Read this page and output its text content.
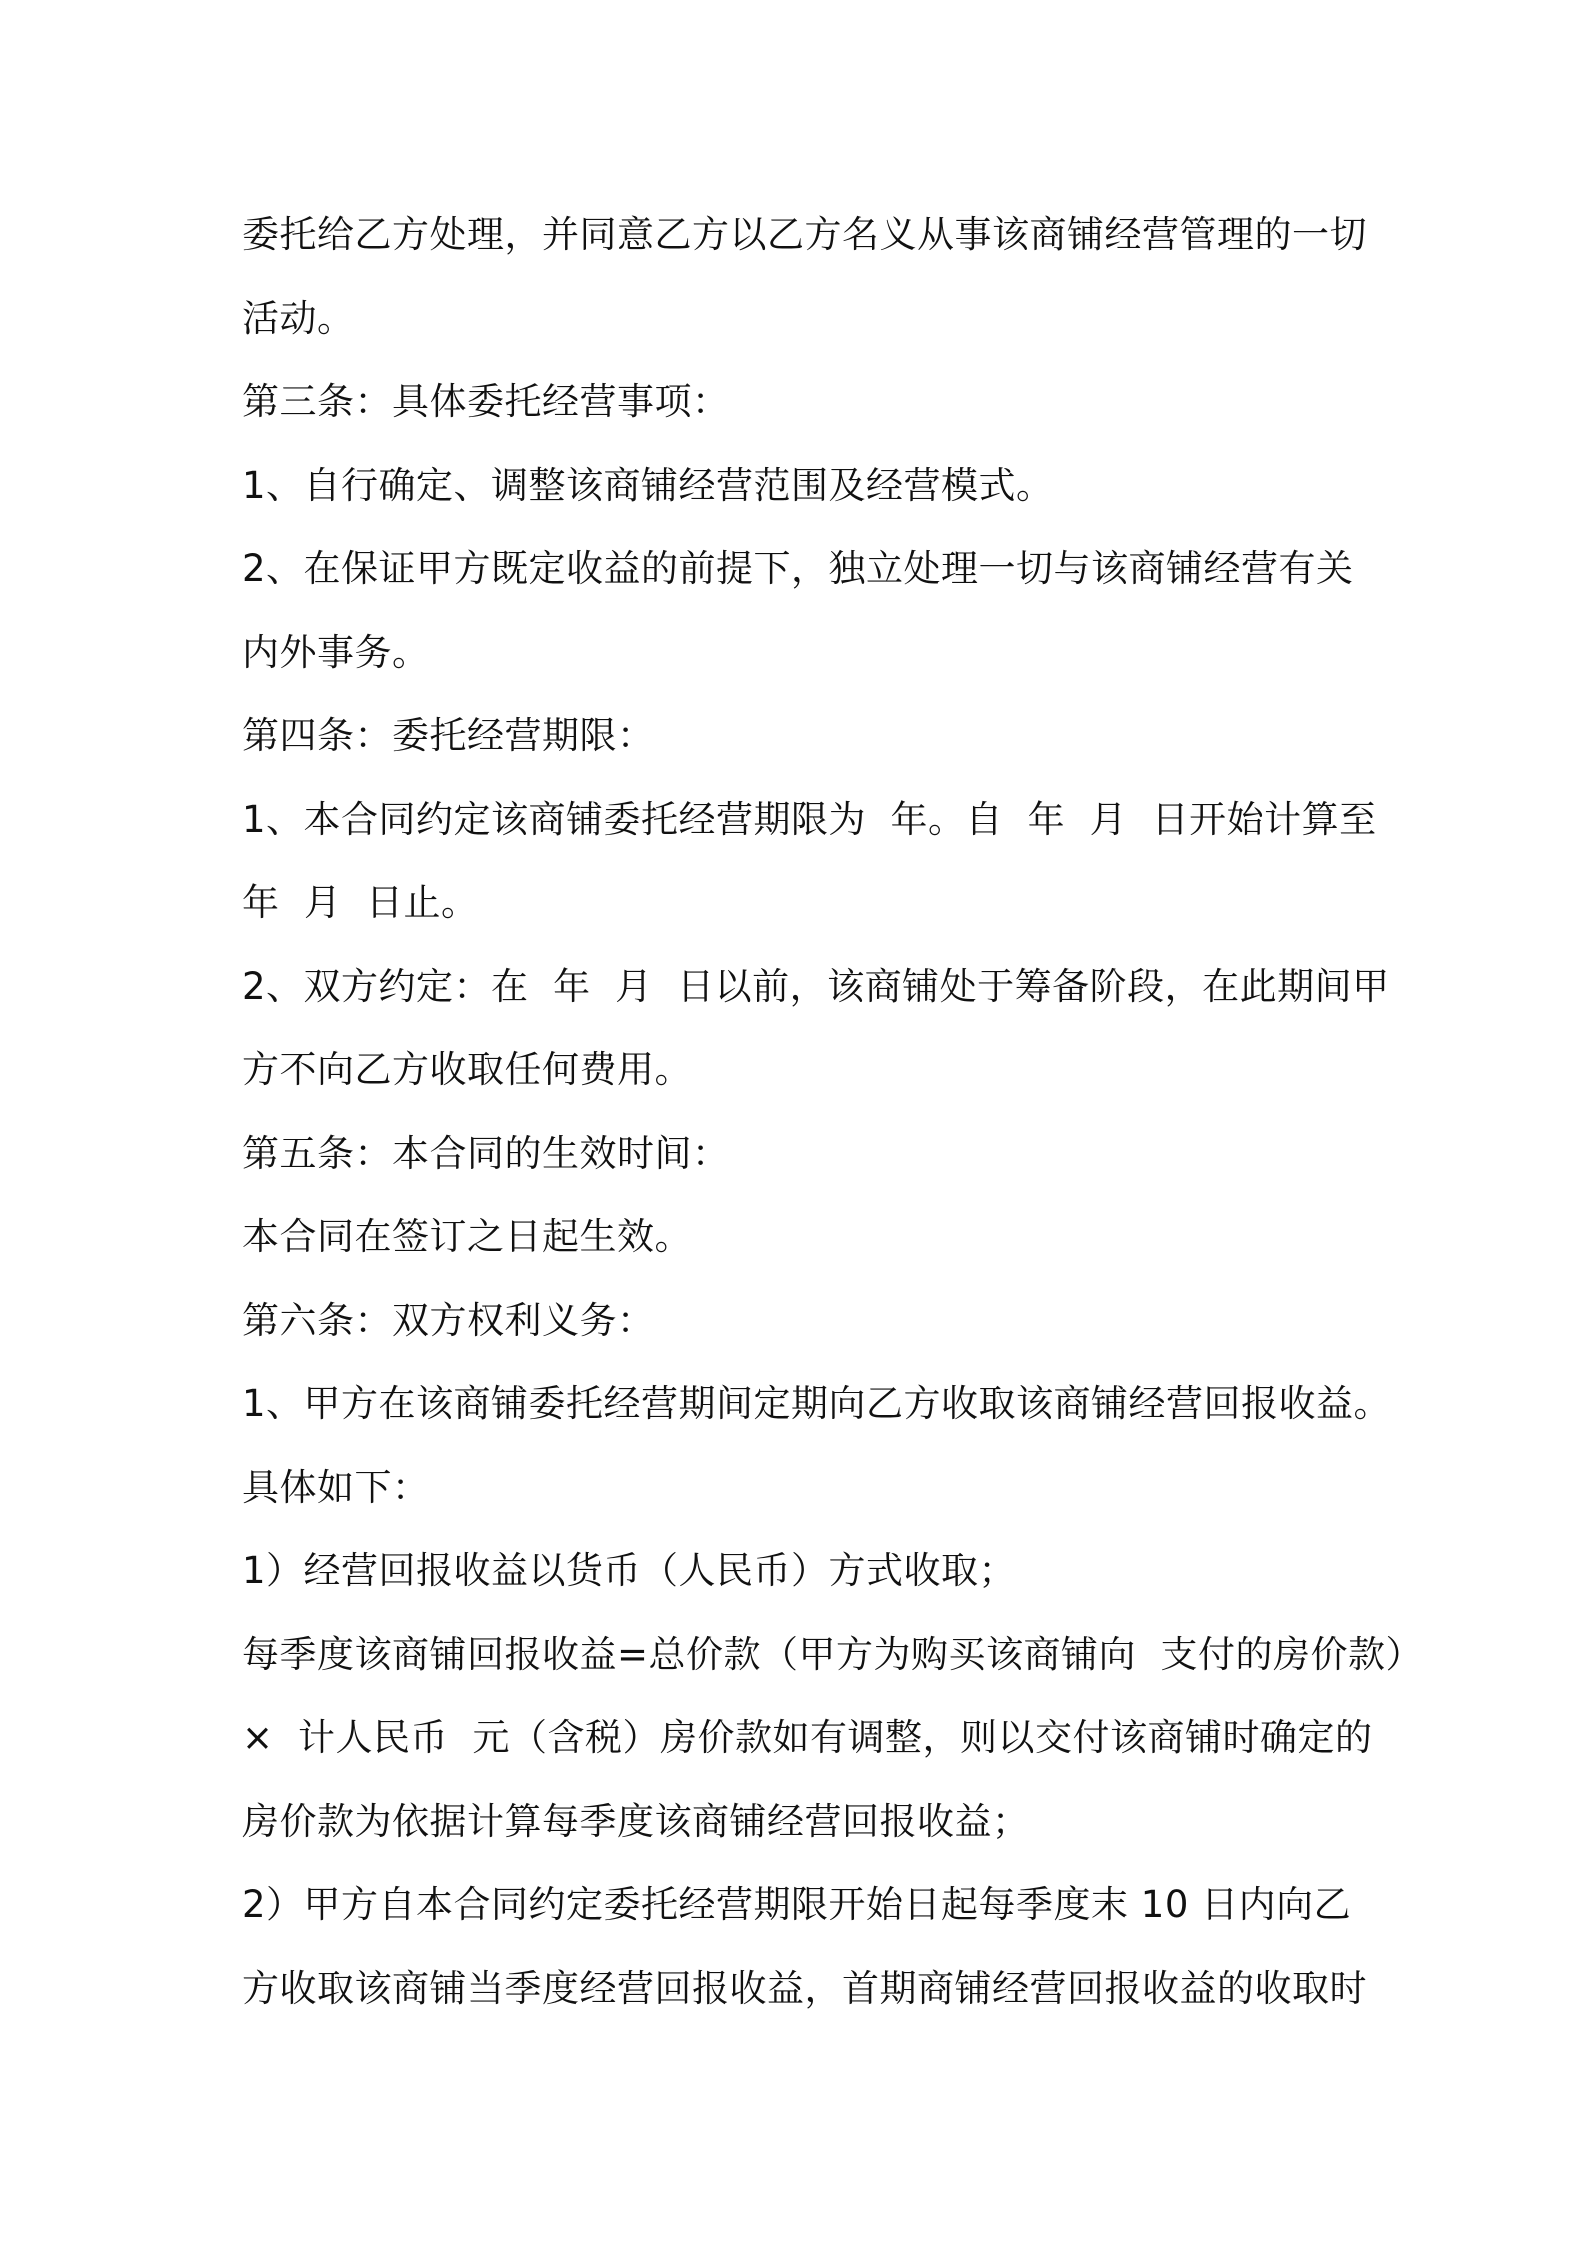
委托给乙方处理，并同意乙方以乙方名义从事该商铺经营管理的一切
活动。
第三条：具体委托经营事项：
1、自行确定、调整该商铺经营范围及经营模式。
2、在保证甲方既定收益的前提下，独立处理一切与该商铺经营有关
内外事务。
第四条：委托经营期限：
1、本合同约定该商铺委托经营期限为  年。自  年  月  日开始计算至
年  月  日止。
2、双方约定：在  年  月  日以前，该商铺处于筹备阶段，在此期间甲
方不向乙方收取任何费用。
第五条：本合同的生效时间：
本合同在签订之日起生效。
第六条：双方权利义务：
1、甲方在该商铺委托经营期间定期向乙方收取该商铺经营回报收益。
具体如下：
1）经营回报收益以货币（人民币）方式收取；
每季度该商铺回报收益=总价款（甲方为购买该商铺向  支付的房价款）
×  计人民币  元（含税）房价款如有调整，则以交付该商铺时确定的
房价款为依据计算每季度该商铺经营回报收益；
2）甲方自本合同约定委托经营期限开始日起每季度末 10 日内向乙
方收取该商铺当季度经营回报收益，首期商铺经营回报收益的收取时
